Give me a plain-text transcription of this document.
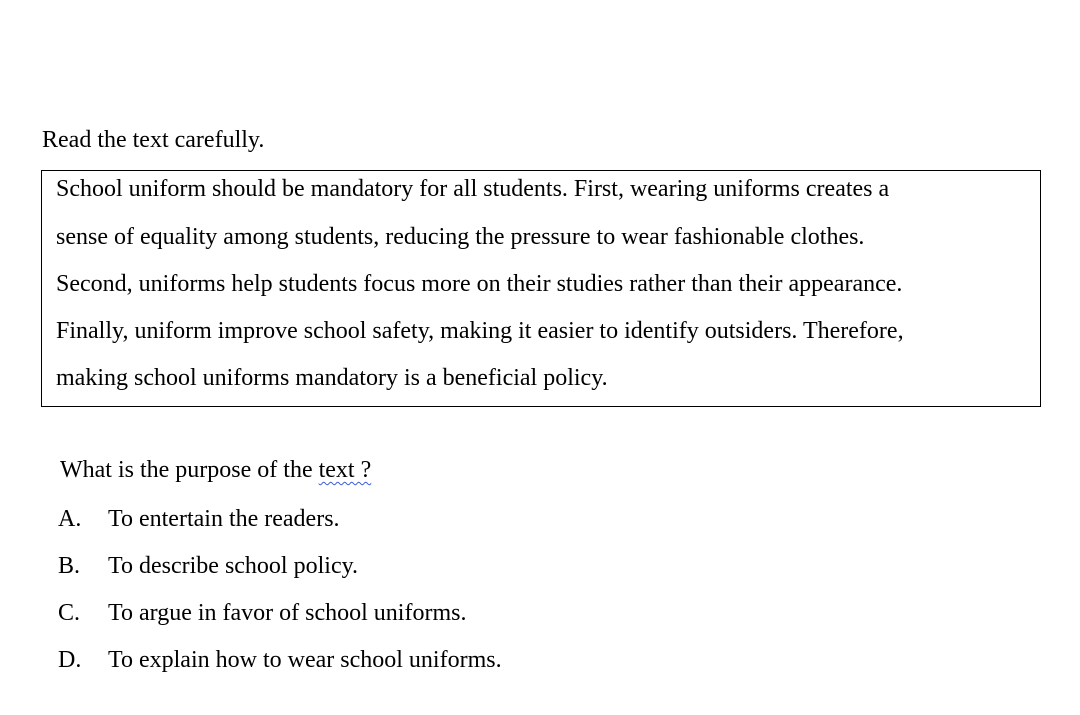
Read the text carefully.
School uniform should be mandatory for all students. First, wearing uniforms creates a
sense of equality among students, reducing the pressure to wear fashionable clothes.
Second, uniforms help students focus more on their studies rather than their appearance.
Finally, uniform improve school safety, making it easier to identify outsiders. Therefore,
making school uniforms mandatory is a beneficial policy.
What is the purpose of the text ?
A. To entertain the readers.
B. To describe school policy.
C. To argue in favor of school uniforms.
D. To explain how to wear school uniforms.
